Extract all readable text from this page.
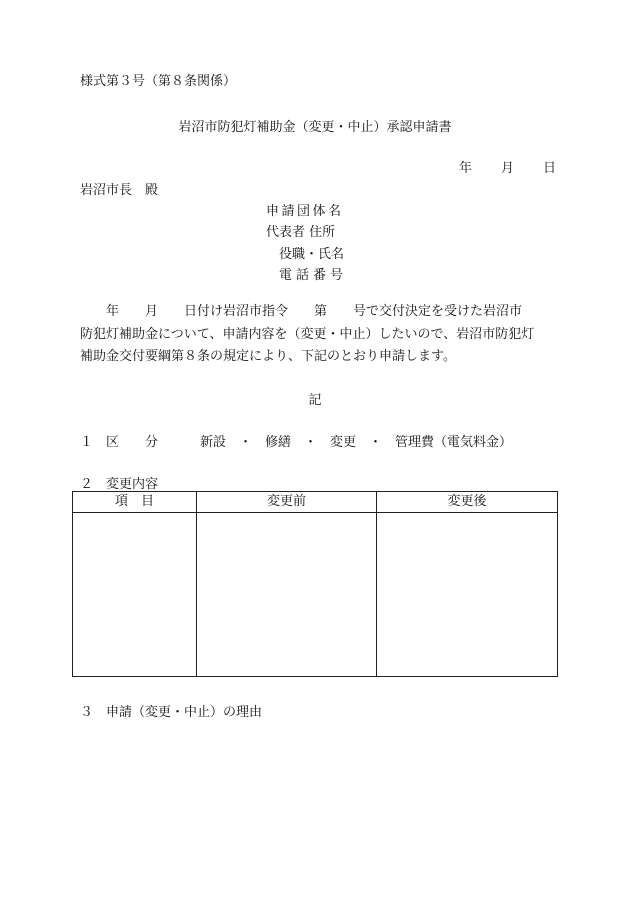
様式第３号（第８条関係）
岩沼市防犯灯補助金（変更・中止）承認申請書
年 月 日
岩沼市長　殿
申請団体名
代表者 住所
役職・氏名
電話番号
　　年　　月　　日付け岩沼市指令　　第　　号で交付決定を受けた岩沼市
防犯灯補助金について、申請内容を（変更・中止）したいので、岩沼市防犯灯
補助金交付要綱第８条の規定により、下記のとおり申請します。
記
１　区　　分	新設　・　修繕　・　変更　・　管理費（電気料金）
２　変更内容
項　目	変更前	変更後

３　申請（変更・中止）の理由
